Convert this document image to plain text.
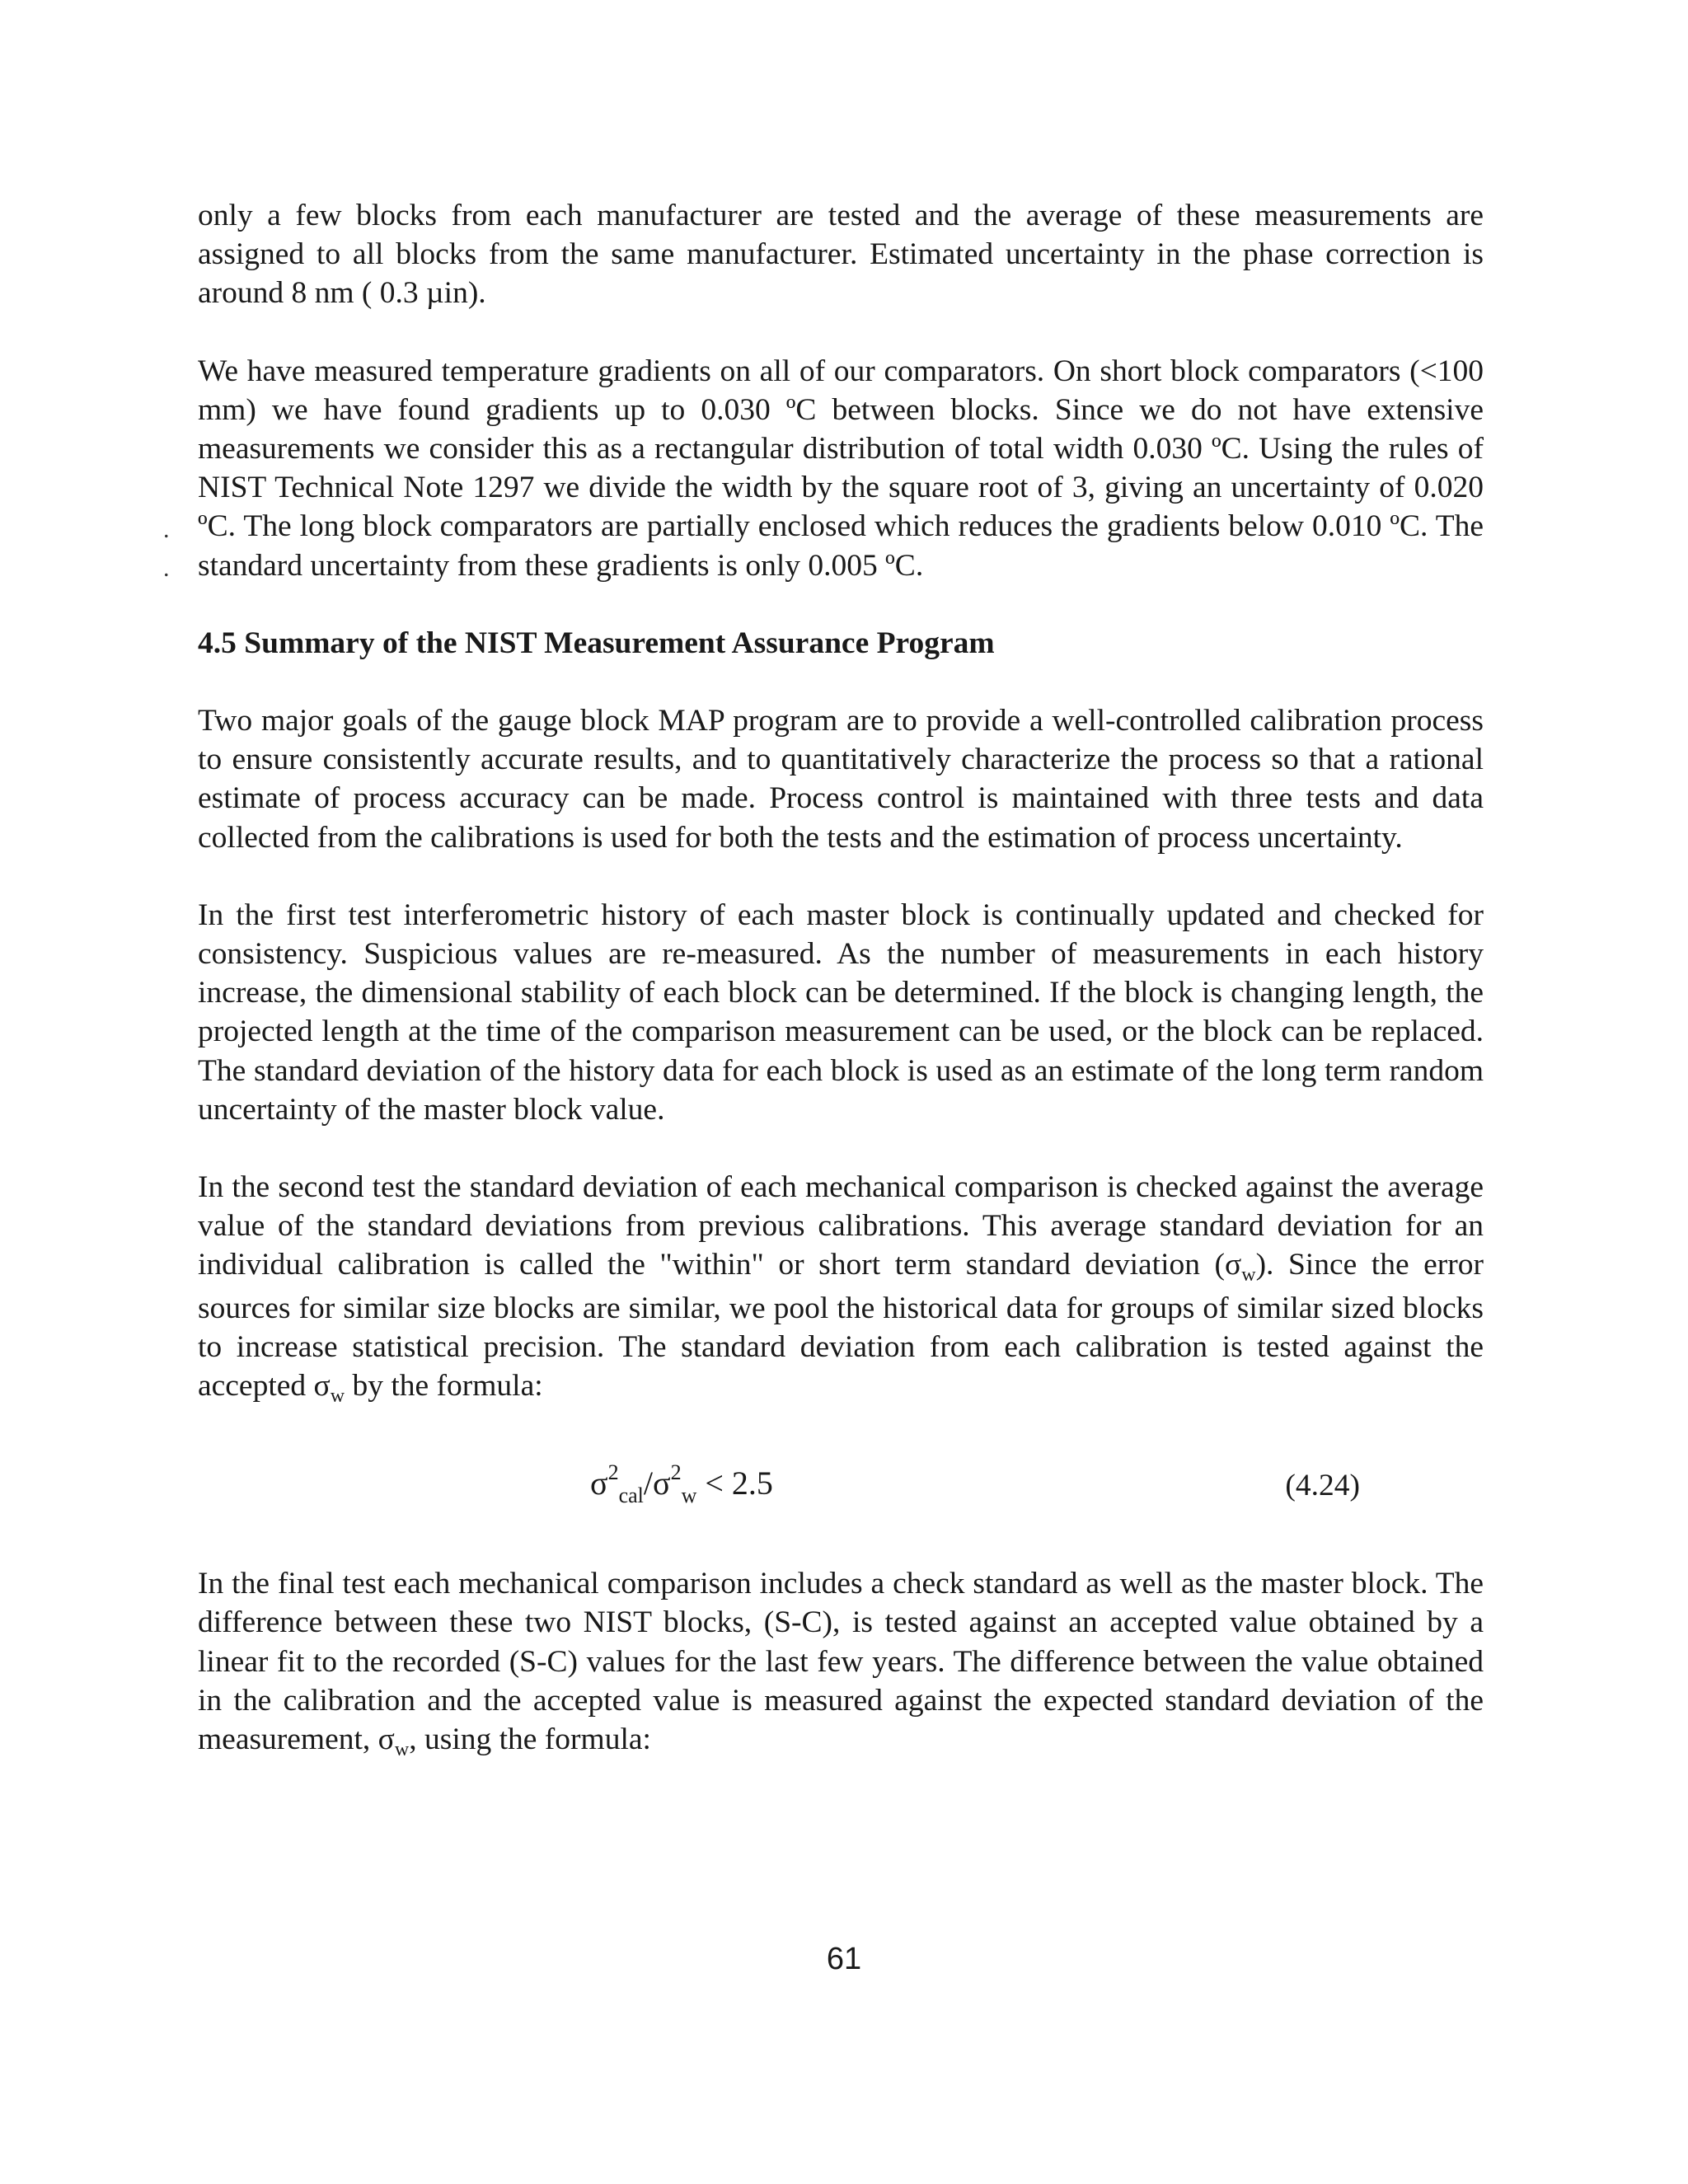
only a few blocks from each manufacturer are tested and the average of these measurements are assigned to all blocks from the same manufacturer. Estimated uncertainty in the phase correction is around 8 nm ( 0.3 µin).

We have measured temperature gradients on all of our comparators. On short block comparators (<100 mm) we have found gradients up to 0.030 ºC between blocks. Since we do not have extensive measurements we consider this as a rectangular distribution of total width 0.030 ºC. Using the rules of NIST Technical Note 1297 we divide the width by the square root of 3, giving an uncertainty of 0.020 ºC. The long block comparators are partially enclosed which reduces the gradients below 0.010 ºC. The standard uncertainty from these gradients is only 0.005 ºC.

4.5 Summary of the NIST Measurement Assurance Program

Two major goals of the gauge block MAP program are to provide a well-controlled calibration process to ensure consistently accurate results, and to quantitatively characterize the process so that a rational estimate of process accuracy can be made. Process control is maintained with three tests and data collected from the calibrations is used for both the tests and the estimation of process uncertainty.

In the first test interferometric history of each master block is continually updated and checked for consistency. Suspicious values are re-measured. As the number of measurements in each history increase, the dimensional stability of each block can be determined. If the block is changing length, the projected length at the time of the comparison measurement can be used, or the block can be replaced. The standard deviation of the history data for each block is used as an estimate of the long term random uncertainty of the master block value.

In the second test the standard deviation of each mechanical comparison is checked against the average value of the standard deviations from previous calibrations. This average standard deviation for an individual calibration is called the "within" or short term standard deviation $(\sigma_w)$. Since the error sources for similar size blocks are similar, we pool the historical data for groups of similar sized blocks to increase statistical precision. The standard deviation from each calibration is tested against the accepted $\sigma_w$ by the formula:

$\sigma^2_{cal}/\sigma^2_w < 2.5$	(4.24)

In the final test each mechanical comparison includes a check standard as well as the master block. The difference between these two NIST blocks, (S-C), is tested against an accepted value obtained by a linear fit to the recorded (S-C) values for the last few years. The difference between the value obtained in the calibration and the accepted value is measured against the expected standard deviation of the measurement, $\sigma_w$, using the formula:

.
.
61
